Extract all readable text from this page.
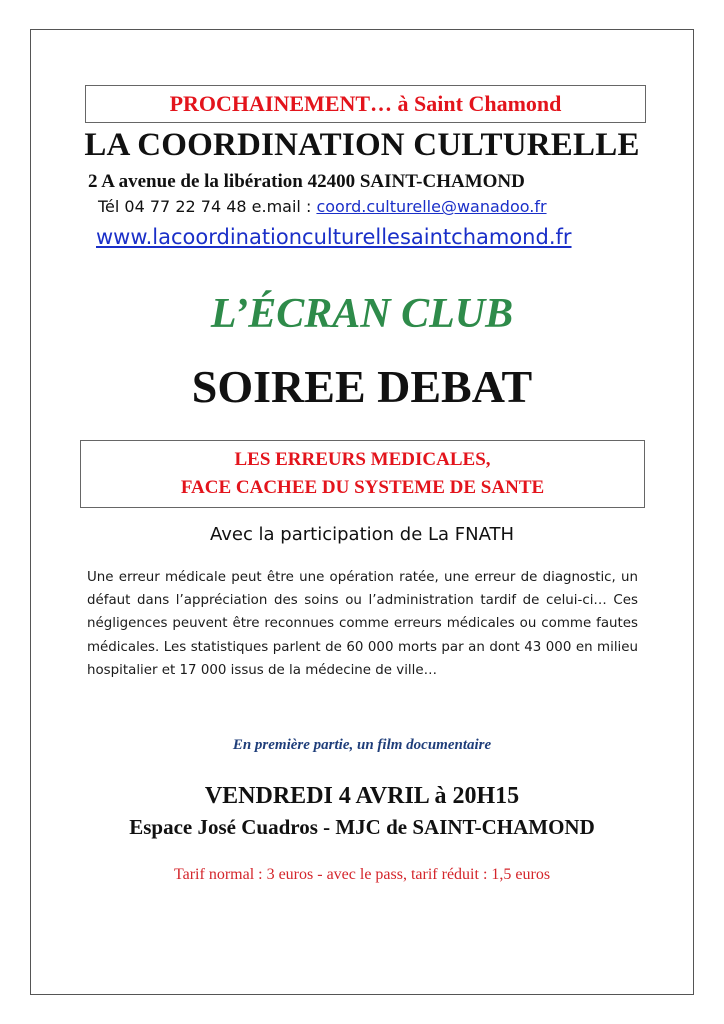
PROCHAINEMENT… à Saint Chamond
LA COORDINATION CULTURELLE
2 A avenue de la libération 42400 SAINT-CHAMOND
Tél 04 77 22 74 48 e.mail : coord.culturelle@wanadoo.fr
www.lacoordinationculturellesaintchamond.fr
L’ÉCRAN CLUB
SOIREE DEBAT
LES ERREURS MEDICALES,
FACE CACHEE DU SYSTEME DE SANTE
Avec la participation de La FNATH
Une erreur médicale peut être une opération ratée, une erreur de diagnostic, un défaut dans l’appréciation des soins ou l’administration tardif de celui-ci… Ces négligences peuvent être reconnues comme erreurs médicales ou comme fautes médicales. Les statistiques parlent de 60 000 morts par an dont 43 000 en milieu hospitalier et 17 000 issus de la médecine de ville…
En première partie, un film documentaire
VENDREDI 4 AVRIL à 20H15
Espace José Cuadros - MJC de SAINT-CHAMOND
Tarif normal : 3 euros - avec le pass, tarif réduit : 1,5 euros
